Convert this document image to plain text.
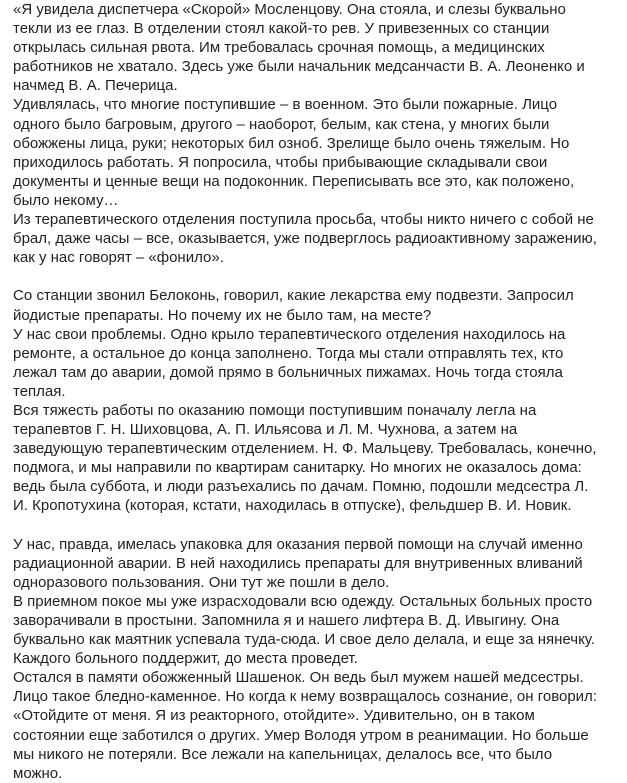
«Я увидела диспетчера «Скорой» Мосленцову. Она стояла, и слезы буквально
текли из ее глаз. В отделении стоял какой-то рев. У привезенных со станции
открылась сильная рвота. Им требовалась срочная помощь, а медицинских
работников не хватало. Здесь уже были начальник медсанчасти В. А. Леоненко и
начмед В. А. Печерица.
Удивлялась, что многие поступившие – в военном. Это были пожарные. Лицо
одного было багровым, другого – наоборот, белым, как стена, у многих были
обожжены лица, руки; некоторых бил озноб. Зрелище было очень тяжелым. Но
приходилось работать. Я попросила, чтобы прибывающие складывали свои
документы и ценные вещи на подоконник. Переписывать все это, как положено,
было некому…
Из терапевтического отделения поступила просьба, чтобы никто ничего с собой не
брал, даже часы – все, оказывается, уже подверглось радиоактивному заражению,
как у нас говорят – «фонило».
Со станции звонил Белоконь, говорил, какие лекарства ему подвезти. Запросил
йодистые препараты. Но почему их не было там, на месте?
У нас свои проблемы. Одно крыло терапевтического отделения находилось на
ремонте, а остальное до конца заполнено. Тогда мы стали отправлять тех, кто
лежал там до аварии, домой прямо в больничных пижамах. Ночь тогда стояла
теплая.
Вся тяжесть работы по оказанию помощи поступившим поначалу легла на
терапевтов Г. Н. Шиховцова, А. П. Ильясова и Л. М. Чухнова, а затем на
заведующую терапевтическим отделением. Н. Ф. Мальцеву. Требовалась, конечно,
подмога, и мы направили по квартирам санитарку. Но многих не оказалось дома:
ведь была суббота, и люди разъехались по дачам. Помню, подошли медсестра Л.
И. Кропотухина (которая, кстати, находилась в отпуске), фельдшер В. И. Новик.
У нас, правда, имелась упаковка для оказания первой помощи на случай именно
радиационной аварии. В ней находились препараты для внутривенных вливаний
одноразового пользования. Они тут же пошли в дело.
В приемном покое мы уже израсходовали всю одежду. Остальных больных просто
заворачивали в простыни. Запомнила я и нашего лифтера В. Д. Ивыгину. Она
буквально как маятник успевала туда-сюда. И свое дело делала, и еще за нянечку.
Каждого больного поддержит, до места проведет.
Остался в памяти обожженный Шашенок. Он ведь был мужем нашей медсестры.
Лицо такое бледно-каменное. Но когда к нему возвращалось сознание, он говорил:
«Отойдите от меня. Я из реакторного, отойдите». Удивительно, он в таком
состоянии еще заботился о других. Умер Володя утром в реанимации. Но больше
мы никого не потеряли. Все лежали на капельницах, делалось все, что было
можно.
